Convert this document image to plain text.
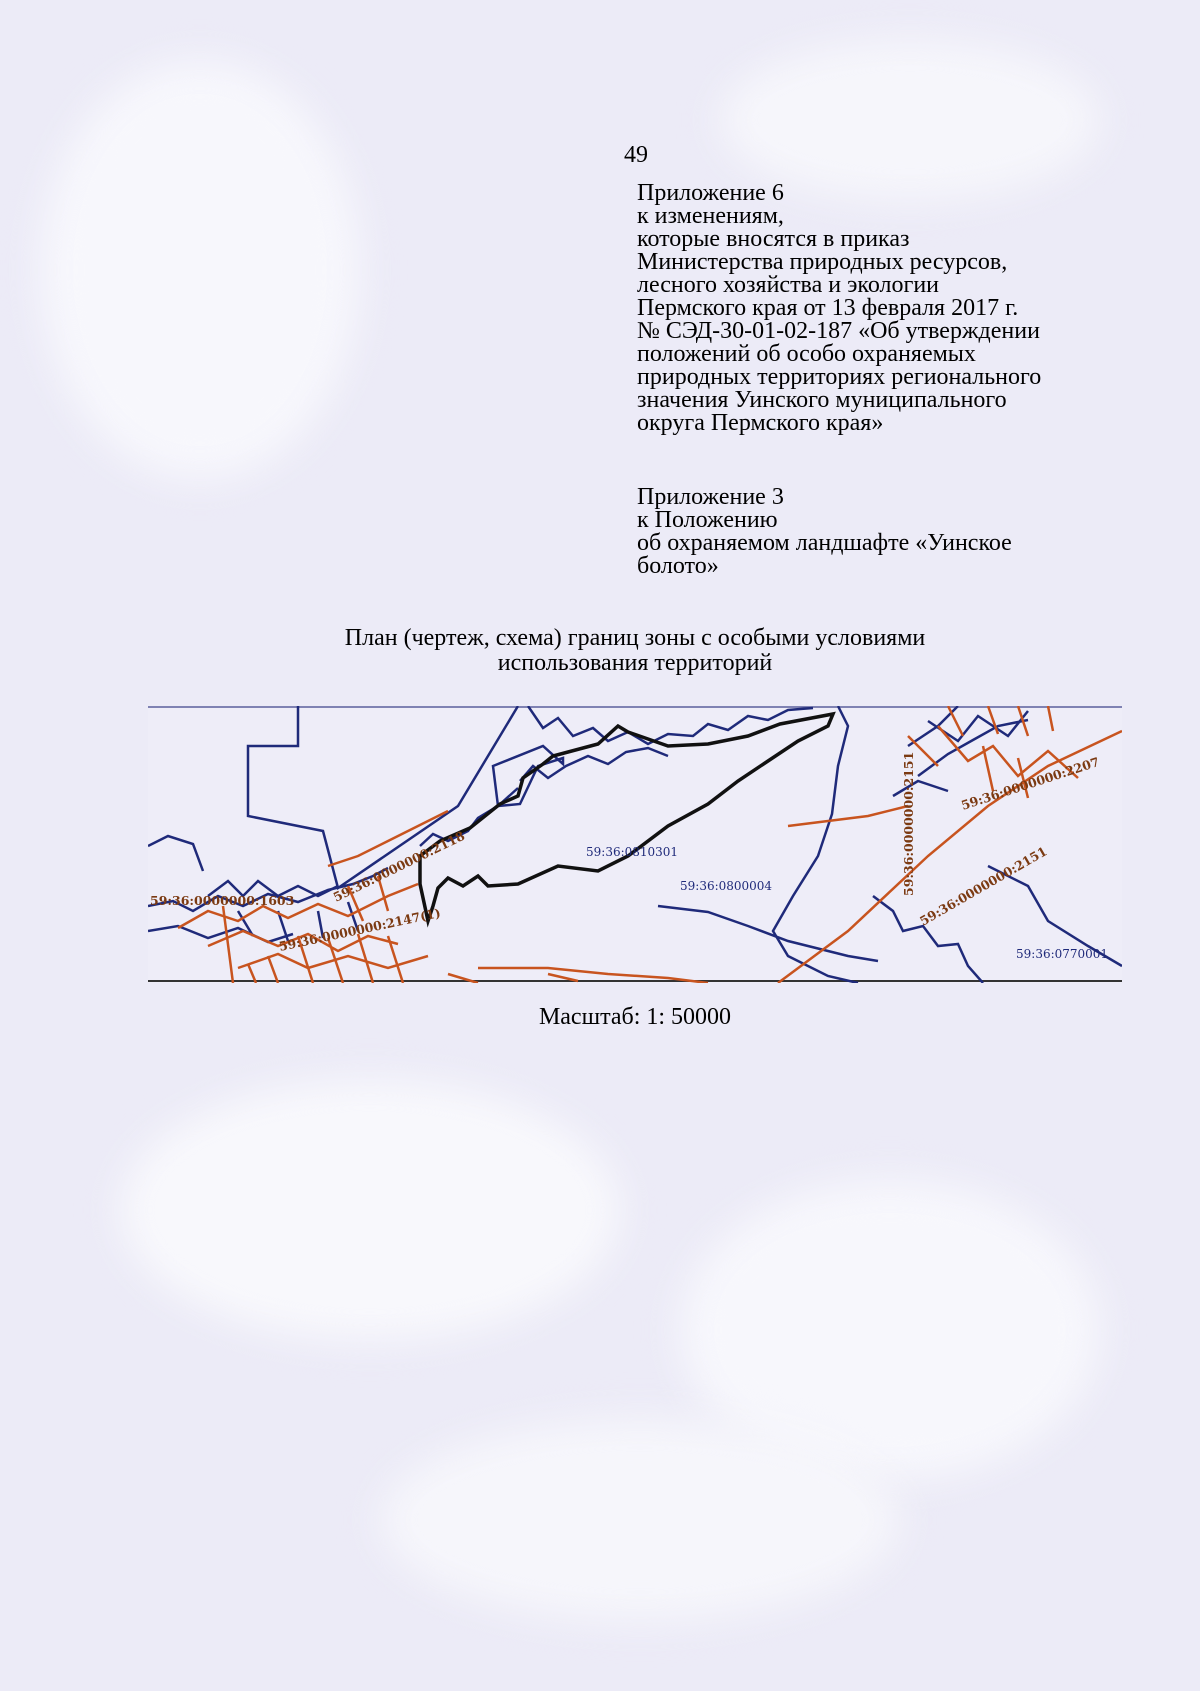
49
Приложение 6
к изменениям,
которые вносятся в приказ
Министерства природных ресурсов,
лесного хозяйства и экологии
Пермского края от 13 февраля 2017 г.
№ СЭД-30-01-02-187 «Об утверждении
положений об особо охраняемых
природных территориях регионального
значения Уинского муниципального
округа Пермского края»
Приложение 3
к Положению
об охраняемом ландшафте «Уинское
болото»
План (чертеж, схема) границ зоны с особыми условиями
использования территорий
59:36:0000000:1603	59:36:0000000:2118
59:36:0000000:2147(1)
59:36:0810301
59:36:0800004	59:36:0000000:2151	59:36:0000000:2207
59:36:0000000:2151
59:36:0770001
Масштаб: 1: 50000
